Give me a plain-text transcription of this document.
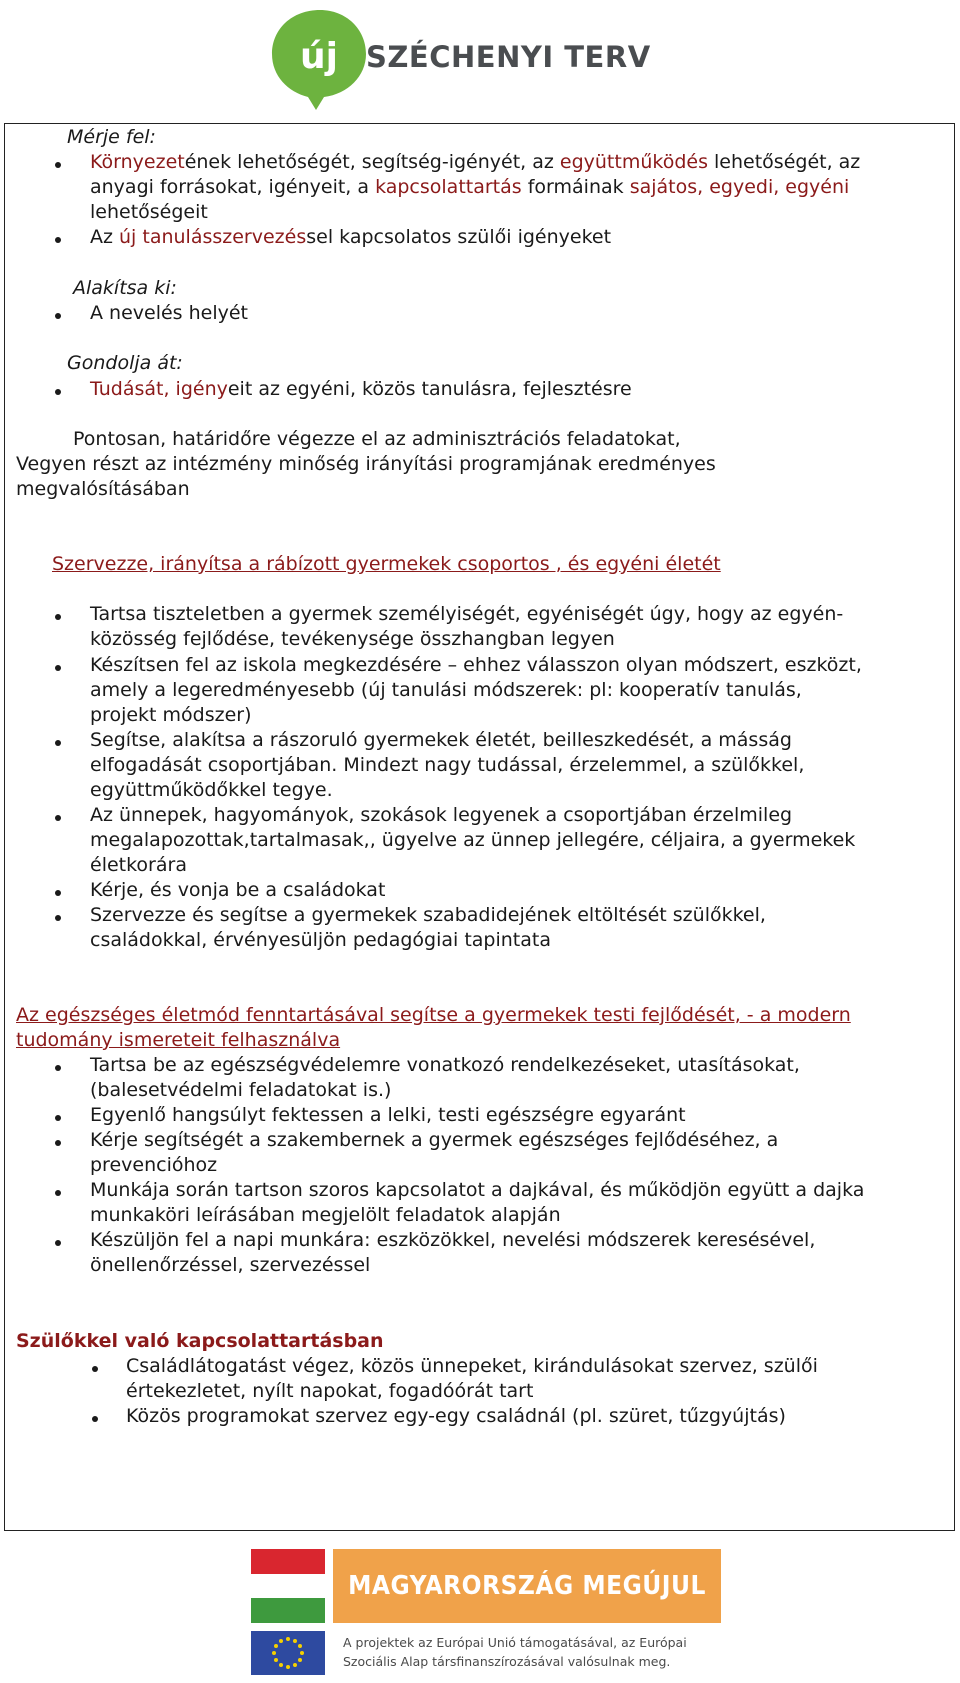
új SZÉCHENYI TERV
Mérje fel:
Környezetének lehetőségét, segítség-igényét, az együttműködés lehetőségét, az
anyagi forrásokat, igényeit, a kapcsolattartás formáinak sajátos, egyedi, egyéni
lehetőségeit
Az új tanulásszervezéssel kapcsolatos szülői igényeket
Alakítsa ki:
A nevelés helyét
Gondolja át:
Tudását, igényeit az egyéni, közös tanulásra, fejlesztésre
Pontosan, határidőre végezze el az adminisztrációs feladatokat,
Vegyen részt az intézmény minőség irányítási programjának eredményes
megvalósításában
Szervezze, irányítsa a rábízott gyermekek csoportos , és egyéni életét
Tartsa tiszteletben a gyermek személyiségét, egyéniségét úgy, hogy az egyén-
közösség fejlődése, tevékenysége összhangban legyen
Készítsen fel az iskola megkezdésére – ehhez válasszon olyan módszert, eszközt,
amely a legeredményesebb (új tanulási módszerek: pl: kooperatív tanulás,
projekt módszer)
Segítse, alakítsa a rászoruló gyermekek életét, beilleszkedését, a másság
elfogadását csoportjában. Mindezt nagy tudással, érzelemmel, a szülőkkel,
együttműködőkkel tegye.
Az ünnepek, hagyományok, szokások legyenek a csoportjában érzelmileg
megalapozottak,tartalmasak,, ügyelve az ünnep jellegére, céljaira, a gyermekek
életkorára
Kérje, és vonja be a családokat
Szervezze és segítse a gyermekek szabadidejének eltöltését szülőkkel,
családokkal, érvényesüljön pedagógiai tapintata
Az egészséges életmód fenntartásával segítse a gyermekek testi fejlődését, - a modern
tudomány ismereteit felhasználva
Tartsa be az egészségvédelemre vonatkozó rendelkezéseket, utasításokat,
(balesetvédelmi feladatokat is.)
Egyenlő hangsúlyt fektessen a lelki, testi egészségre egyaránt
Kérje segítségét a szakembernek a gyermek egészséges fejlődéséhez, a
prevencióhoz
Munkája során tartson szoros kapcsolatot a dajkával, és működjön együtt a dajka
munkaköri leírásában megjelölt feladatok alapján
Készüljön fel a napi munkára: eszközökkel, nevelési módszerek keresésével,
önellenőrzéssel, szervezéssel
Szülőkkel való kapcsolattartásban
Családlátogatást végez, közös ünnepeket, kirándulásokat szervez, szülői
értekezletet, nyílt napokat, fogadóórát tart
Közös programokat szervez egy-egy családnál (pl. szüret, tűzgyújtás)
MAGYARORSZÁG MEGÚJUL
A projektek az Európai Unió támogatásával, az Európai
Szociális Alap társfinanszírozásával valósulnak meg.
